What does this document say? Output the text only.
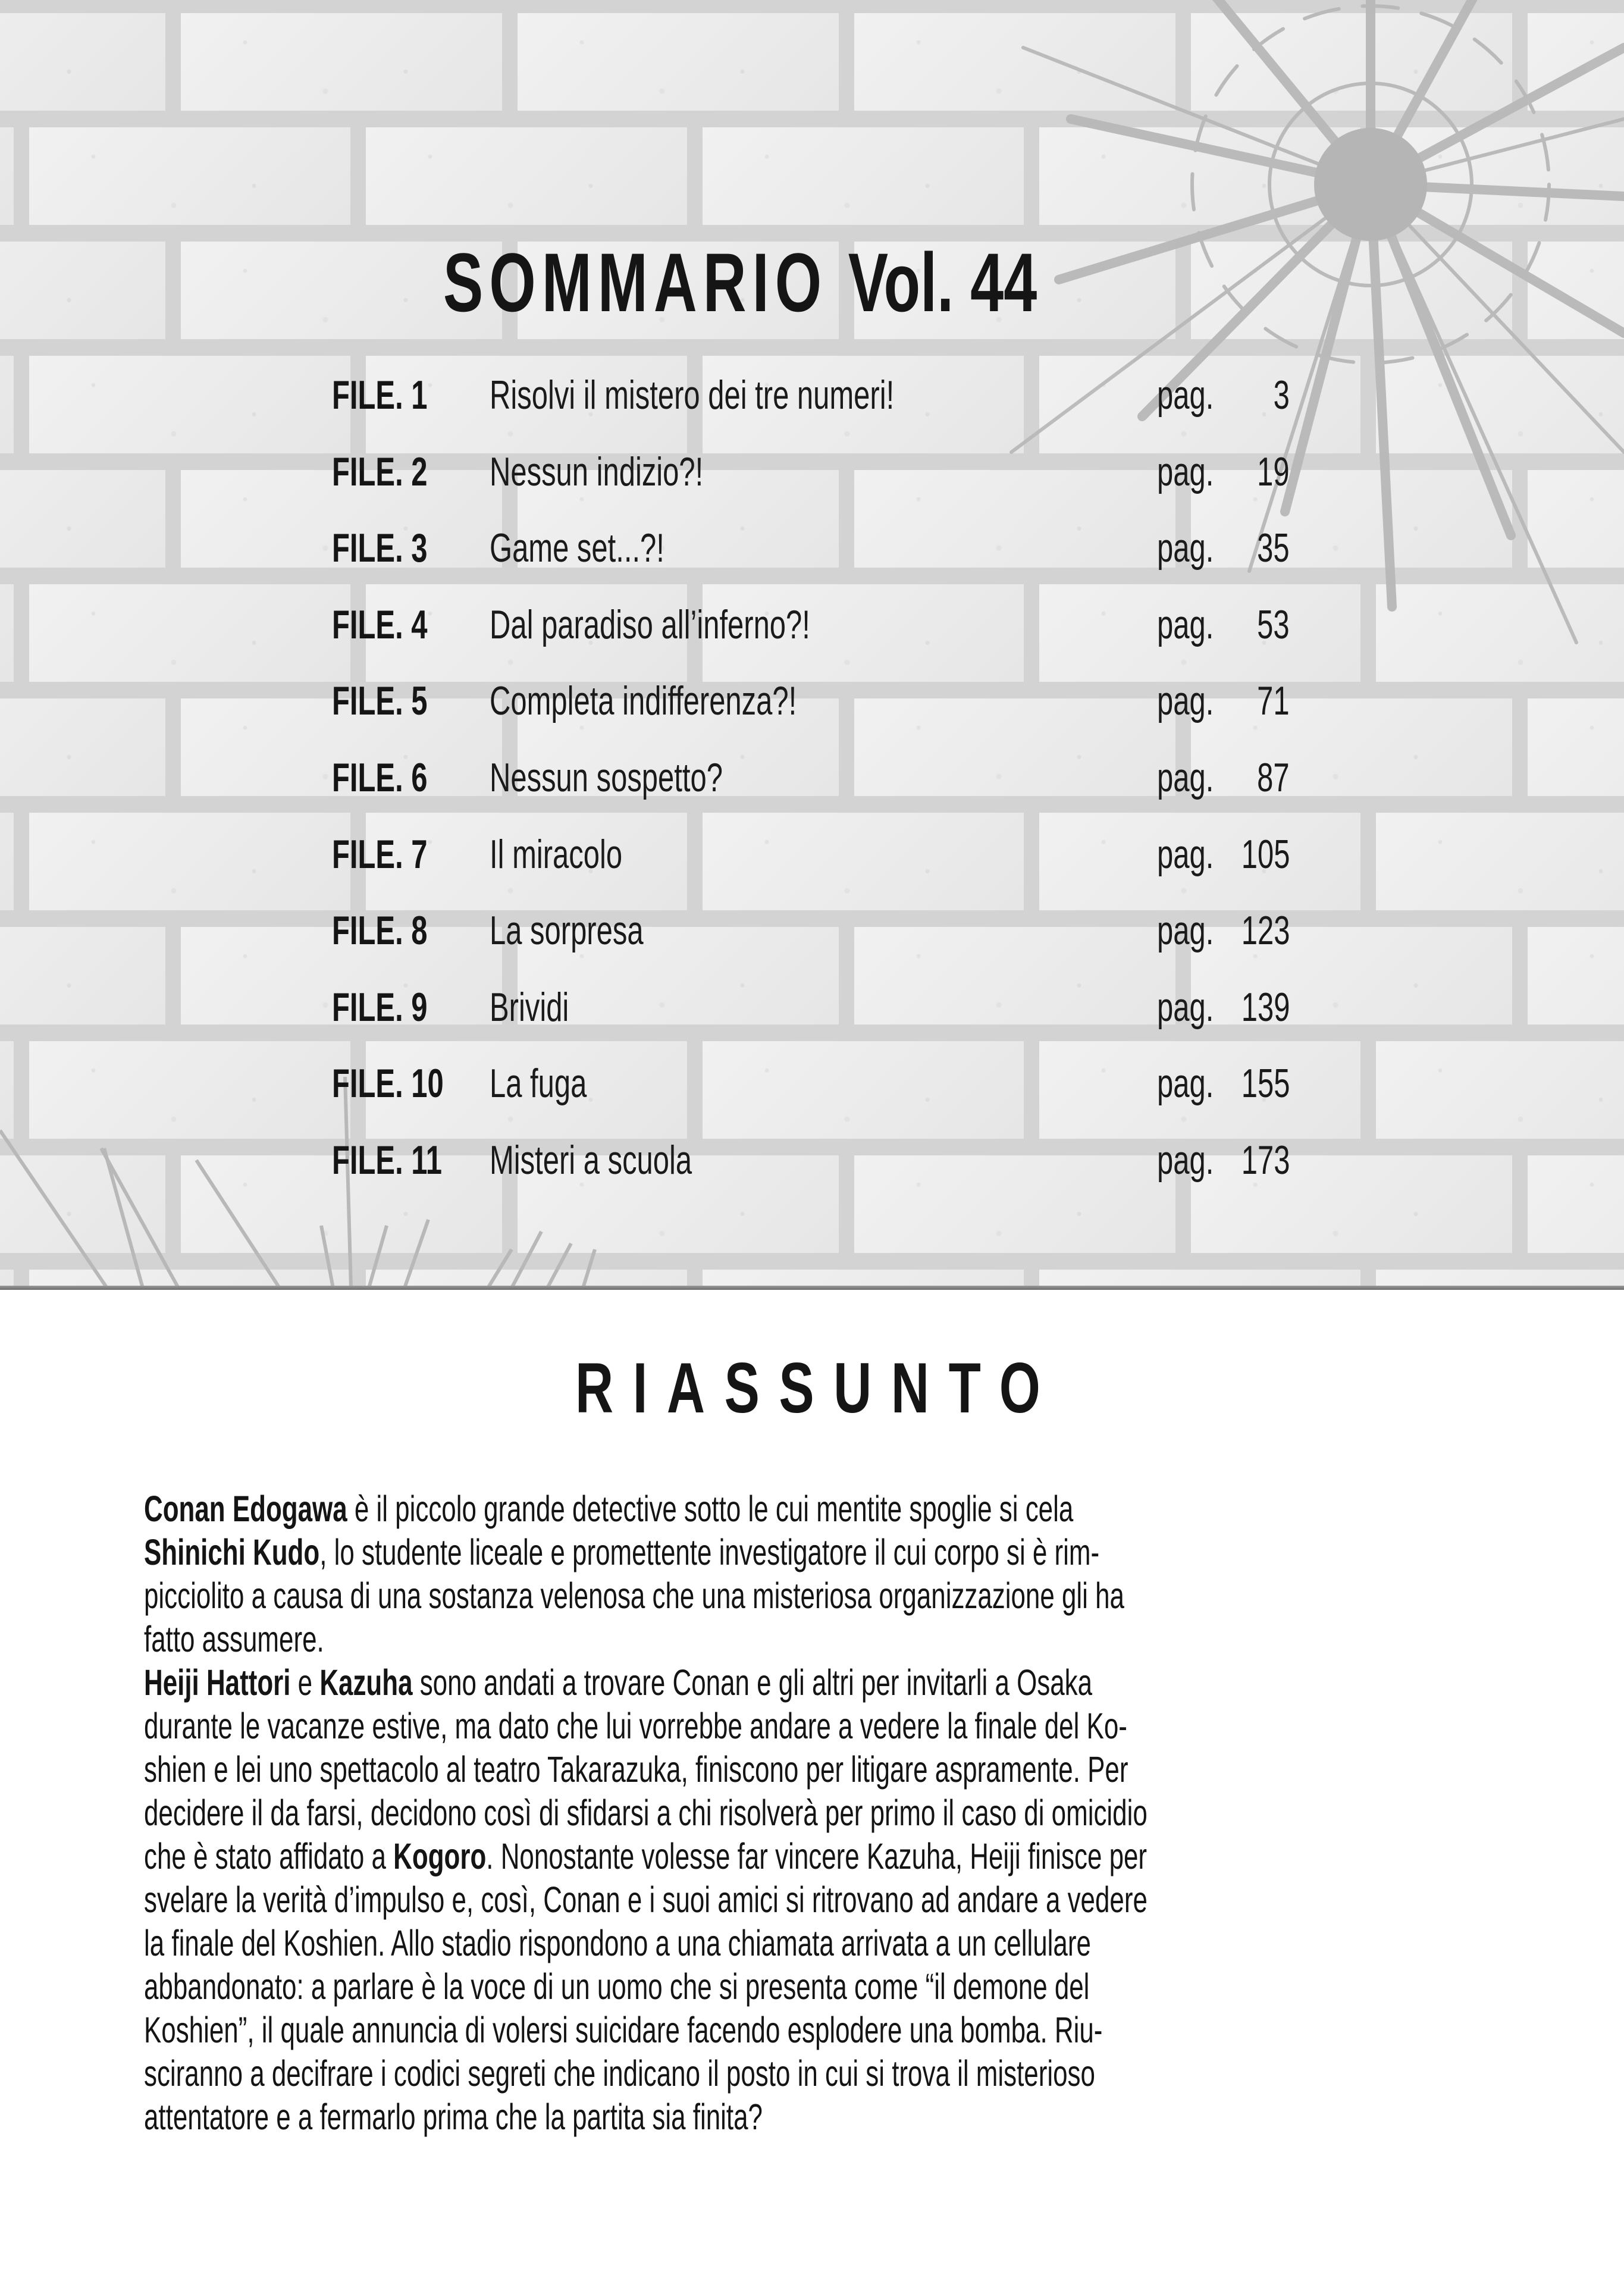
SOMMARIO Vol. 44
FILE. 1 Risolvi il mistero dei tre numeri!	pag. 3
FILE. 2 Nessun indizio?!	pag. 19
FILE. 3 Game set...?!	pag. 35
FILE. 4 Dal paradiso all’inferno?!	pag. 53
FILE. 5 Completa indifferenza?!	pag. 71
FILE. 6 Nessun sospetto?	pag. 87
FILE. 7 Il miracolo	pag. 105
FILE. 8 La sorpresa	pag. 123
FILE. 9 Brividi	pag. 139
FILE. 10 La fuga	pag. 155
FILE. 11 Misteri a scuola	pag. 173
RIASSUNTO
Conan Edogawa è il piccolo grande detective sotto le cui mentite spoglie si cela
Shinichi Kudo, lo studente liceale e promettente investigatore il cui corpo si è rim-
picciolito a causa di una sostanza velenosa che una misteriosa organizzazione gli ha
fatto assumere.
Heiji Hattori e Kazuha sono andati a trovare Conan e gli altri per invitarli a Osaka
durante le vacanze estive, ma dato che lui vorrebbe andare a vedere la finale del Ko-
shien e lei uno spettacolo al teatro Takarazuka, finiscono per litigare aspramente. Per
decidere il da farsi, decidono così di sfidarsi a chi risolverà per primo il caso di omicidio
che è stato affidato a Kogoro. Nonostante volesse far vincere Kazuha, Heiji finisce per
svelare la verità d’impulso e, così, Conan e i suoi amici si ritrovano ad andare a vedere
la finale del Koshien. Allo stadio rispondono a una chiamata arrivata a un cellulare
abbandonato: a parlare è la voce di un uomo che si presenta come “il demone del
Koshien”, il quale annuncia di volersi suicidare facendo esplodere una bomba. Riu-
sciranno a decifrare i codici segreti che indicano il posto in cui si trova il misterioso
attentatore e a fermarlo prima che la partita sia finita?
